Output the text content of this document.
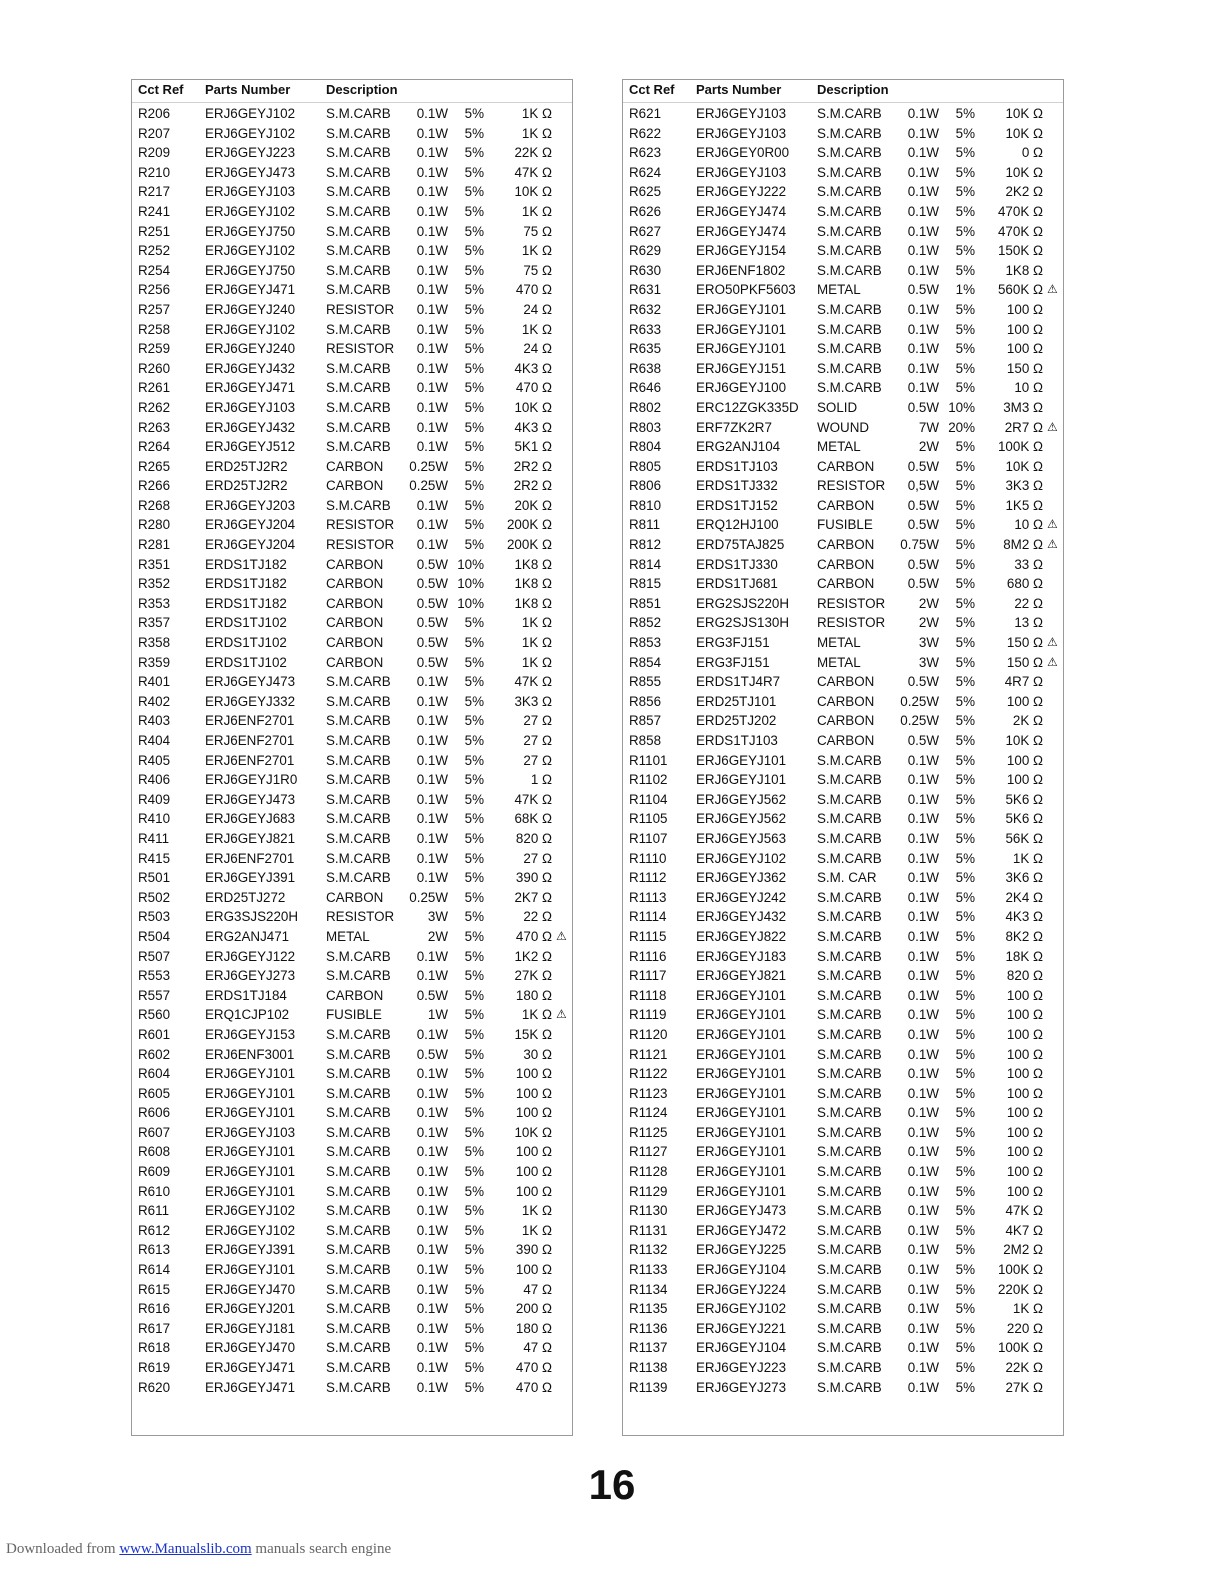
Cct Ref Parts Number	Description
R206	ERJ6GEYJ102 S.M.CARB	0.1W	5%	1K Ω
R207	ERJ6GEYJ102 S.M.CARB	0.1W	5%	1K Ω
R209	ERJ6GEYJ223 S.M.CARB	0.1W	5%	22K Ω
R210	ERJ6GEYJ473 S.M.CARB	0.1W	5%	47K Ω
R217	ERJ6GEYJ103 S.M.CARB	0.1W	5%	10K Ω
R241	ERJ6GEYJ102 S.M.CARB	0.1W	5%	1K Ω
R251	ERJ6GEYJ750 S.M.CARB	0.1W	5%	75 Ω
R252	ERJ6GEYJ102 S.M.CARB	0.1W	5%	1K Ω
R254	ERJ6GEYJ750 S.M.CARB	0.1W	5%	75 Ω
R256	ERJ6GEYJ471 S.M.CARB	0.1W	5%	470 Ω
R257	ERJ6GEYJ240 RESISTOR	0.1W	5%	24 Ω
R258	ERJ6GEYJ102 S.M.CARB	0.1W	5%	1K Ω
R259	ERJ6GEYJ240 RESISTOR	0.1W	5%	24 Ω
R260	ERJ6GEYJ432 S.M.CARB	0.1W	5%	4K3 Ω
R261	ERJ6GEYJ471 S.M.CARB	0.1W	5%	470 Ω
R262	ERJ6GEYJ103 S.M.CARB	0.1W	5%	10K Ω
R263	ERJ6GEYJ432 S.M.CARB	0.1W	5%	4K3 Ω
R264	ERJ6GEYJ512 S.M.CARB	0.1W	5%	5K1 Ω
R265	ERD25TJ2R2	CARBON	0.25W	5%	2R2 Ω
R266	ERD25TJ2R2	CARBON	0.25W	5%	2R2 Ω
R268	ERJ6GEYJ203 S.M.CARB	0.1W	5%	20K Ω
R280	ERJ6GEYJ204 RESISTOR	0.1W	5%	200K Ω
R281	ERJ6GEYJ204 RESISTOR	0.1W	5%	200K Ω
R351	ERDS1TJ182	CARBON	0.5W 10%	1K8 Ω
R352	ERDS1TJ182	CARBON	0.5W 10%	1K8 Ω
R353	ERDS1TJ182	CARBON	0.5W 10%	1K8 Ω
R357	ERDS1TJ102	CARBON	0.5W	5%	1K Ω
R358	ERDS1TJ102	CARBON	0.5W	5%	1K Ω
R359	ERDS1TJ102	CARBON	0.5W	5%	1K Ω
R401	ERJ6GEYJ473 S.M.CARB	0.1W	5%	47K Ω
R402	ERJ6GEYJ332 S.M.CARB	0.1W	5%	3K3 Ω
R403	ERJ6ENF2701 S.M.CARB	0.1W	5%	27 Ω
R404	ERJ6ENF2701 S.M.CARB	0.1W	5%	27 Ω
R405	ERJ6ENF2701 S.M.CARB	0.1W	5%	27 Ω
R406	ERJ6GEYJ1R0 S.M.CARB	0.1W	5%	1 Ω
R409	ERJ6GEYJ473 S.M.CARB	0.1W	5%	47K Ω
R410	ERJ6GEYJ683 S.M.CARB	0.1W	5%	68K Ω
R411	ERJ6GEYJ821 S.M.CARB	0.1W	5%	820 Ω
R415	ERJ6ENF2701 S.M.CARB	0.1W	5%	27 Ω
R501	ERJ6GEYJ391 S.M.CARB	0.1W	5%	390 Ω
R502	ERD25TJ272	CARBON	0.25W	5%	2K7 Ω
R503	ERG3SJS220H RESISTOR	3W	5%	22 Ω
R504	ERG2ANJ471	METAL	2W	5%	470 Ω ⚠
R507	ERJ6GEYJ122 S.M.CARB	0.1W	5%	1K2 Ω
R553	ERJ6GEYJ273 S.M.CARB	0.1W	5%	27K Ω
R557	ERDS1TJ184	CARBON	0.5W	5%	180 Ω
R560	ERQ1CJP102	FUSIBLE	1W	5%	1K Ω ⚠
R601	ERJ6GEYJ153 S.M.CARB	0.1W	5%	15K Ω
R602	ERJ6ENF3001 S.M.CARB	0.5W	5%	30 Ω
R604	ERJ6GEYJ101 S.M.CARB	0.1W	5%	100 Ω
R605	ERJ6GEYJ101 S.M.CARB	0.1W	5%	100 Ω
R606	ERJ6GEYJ101 S.M.CARB	0.1W	5%	100 Ω
R607	ERJ6GEYJ103 S.M.CARB	0.1W	5%	10K Ω
R608	ERJ6GEYJ101 S.M.CARB	0.1W	5%	100 Ω
R609	ERJ6GEYJ101 S.M.CARB	0.1W	5%	100 Ω
R610	ERJ6GEYJ101 S.M.CARB	0.1W	5%	100 Ω
R611	ERJ6GEYJ102 S.M.CARB	0.1W	5%	1K Ω
R612	ERJ6GEYJ102 S.M.CARB	0.1W	5%	1K Ω
R613	ERJ6GEYJ391 S.M.CARB	0.1W	5%	390 Ω
R614	ERJ6GEYJ101 S.M.CARB	0.1W	5%	100 Ω
R615	ERJ6GEYJ470 S.M.CARB	0.1W	5%	47 Ω
R616	ERJ6GEYJ201 S.M.CARB	0.1W	5%	200 Ω
R617	ERJ6GEYJ181 S.M.CARB	0.1W	5%	180 Ω
R618	ERJ6GEYJ470 S.M.CARB	0.1W	5%	47 Ω
R619	ERJ6GEYJ471 S.M.CARB	0.1W	5%	470 Ω
R620	ERJ6GEYJ471 S.M.CARB	0.1W	5%	470 Ω
Cct Ref Parts Number	Description
R621	ERJ6GEYJ103 S.M.CARB	0.1W	5%	10K Ω
R622	ERJ6GEYJ103 S.M.CARB	0.1W	5%	10K Ω
R623	ERJ6GEY0R00 S.M.CARB	0.1W	5%	0 Ω
R624	ERJ6GEYJ103 S.M.CARB	0.1W	5%	10K Ω
R625	ERJ6GEYJ222 S.M.CARB	0.1W	5%	2K2 Ω
R626	ERJ6GEYJ474 S.M.CARB	0.1W	5%	470K Ω
R627	ERJ6GEYJ474 S.M.CARB	0.1W	5%	470K Ω
R629	ERJ6GEYJ154 S.M.CARB	0.1W	5%	150K Ω
R630	ERJ6ENF1802 S.M.CARB	0.1W	5%	1K8 Ω
R631	ERO50PKF5603 METAL	0.5W	1%	560K Ω ⚠
R632	ERJ6GEYJ101 S.M.CARB	0.1W	5%	100 Ω
R633	ERJ6GEYJ101 S.M.CARB	0.1W	5%	100 Ω
R635	ERJ6GEYJ101 S.M.CARB	0.1W	5%	100 Ω
R638	ERJ6GEYJ151 S.M.CARB	0.1W	5%	150 Ω
R646	ERJ6GEYJ100 S.M.CARB	0.1W	5%	10 Ω
R802	ERC12ZGK335D SOLID	0.5W 10%	3M3 Ω
R803	ERF7ZK2R7	WOUND	7W 20%	2R7 Ω ⚠
R804	ERG2ANJ104	METAL	2W	5%	100K Ω
R805	ERDS1TJ103	CARBON	0.5W	5%	10K Ω
R806	ERDS1TJ332	RESISTOR	0,5W	5%	3K3 Ω
R810	ERDS1TJ152	CARBON	0.5W	5%	1K5 Ω
R811	ERQ12HJ100	FUSIBLE	0.5W	5%	10 Ω ⚠
R812	ERD75TAJ825 CARBON	0.75W	5%	8M2 Ω ⚠
R814	ERDS1TJ330	CARBON	0.5W	5%	33 Ω
R815	ERDS1TJ681	CARBON	0.5W	5%	680 Ω
R851	ERG2SJS220H RESISTOR	2W	5%	22 Ω
R852	ERG2SJS130H RESISTOR	2W	5%	13 Ω
R853	ERG3FJ151	METAL	3W	5%	150 Ω ⚠
R854	ERG3FJ151	METAL	3W	5%	150 Ω ⚠
R855	ERDS1TJ4R7	CARBON	0.5W	5%	4R7 Ω
R856	ERD25TJ101	CARBON	0.25W	5%	100 Ω
R857	ERD25TJ202	CARBON	0.25W	5%	2K Ω
R858	ERDS1TJ103	CARBON	0.5W	5%	10K Ω
R1101 ERJ6GEYJ101 S.M.CARB	0.1W	5%	100 Ω
R1102 ERJ6GEYJ101 S.M.CARB	0.1W	5%	100 Ω
R1104 ERJ6GEYJ562 S.M.CARB	0.1W	5%	5K6 Ω
R1105 ERJ6GEYJ562 S.M.CARB	0.1W	5%	5K6 Ω
R1107 ERJ6GEYJ563 S.M.CARB	0.1W	5%	56K Ω
R1110 ERJ6GEYJ102 S.M.CARB	0.1W	5%	1K Ω
R1112 ERJ6GEYJ362 S.M. CAR	0.1W	5%	3K6 Ω
R1113 ERJ6GEYJ242 S.M.CARB	0.1W	5%	2K4 Ω
R1114 ERJ6GEYJ432 S.M.CARB	0.1W	5%	4K3 Ω
R1115 ERJ6GEYJ822 S.M.CARB	0.1W	5%	8K2 Ω
R1116 ERJ6GEYJ183 S.M.CARB	0.1W	5%	18K Ω
R1117 ERJ6GEYJ821 S.M.CARB	0.1W	5%	820 Ω
R1118 ERJ6GEYJ101 S.M.CARB	0.1W	5%	100 Ω
R1119 ERJ6GEYJ101 S.M.CARB	0.1W	5%	100 Ω
R1120 ERJ6GEYJ101 S.M.CARB	0.1W	5%	100 Ω
R1121 ERJ6GEYJ101 S.M.CARB	0.1W	5%	100 Ω
R1122 ERJ6GEYJ101 S.M.CARB	0.1W	5%	100 Ω
R1123 ERJ6GEYJ101 S.M.CARB	0.1W	5%	100 Ω
R1124 ERJ6GEYJ101 S.M.CARB	0.1W	5%	100 Ω
R1125 ERJ6GEYJ101 S.M.CARB	0.1W	5%	100 Ω
R1127 ERJ6GEYJ101 S.M.CARB	0.1W	5%	100 Ω
R1128 ERJ6GEYJ101 S.M.CARB	0.1W	5%	100 Ω
R1129 ERJ6GEYJ101 S.M.CARB	0.1W	5%	100 Ω
R1130 ERJ6GEYJ473 S.M.CARB	0.1W	5%	47K Ω
R1131 ERJ6GEYJ472 S.M.CARB	0.1W	5%	4K7 Ω
R1132 ERJ6GEYJ225 S.M.CARB	0.1W	5%	2M2 Ω
R1133 ERJ6GEYJ104 S.M.CARB	0.1W	5%	100K Ω
R1134 ERJ6GEYJ224 S.M.CARB	0.1W	5%	220K Ω
R1135 ERJ6GEYJ102 S.M.CARB	0.1W	5%	1K Ω
R1136 ERJ6GEYJ221 S.M.CARB	0.1W	5%	220 Ω
R1137 ERJ6GEYJ104 S.M.CARB	0.1W	5%	100K Ω
R1138 ERJ6GEYJ223 S.M.CARB	0.1W	5%	22K Ω
R1139 ERJ6GEYJ273 S.M.CARB	0.1W	5%	27K Ω
16
Downloaded from www.Manualslib.com manuals search engine
